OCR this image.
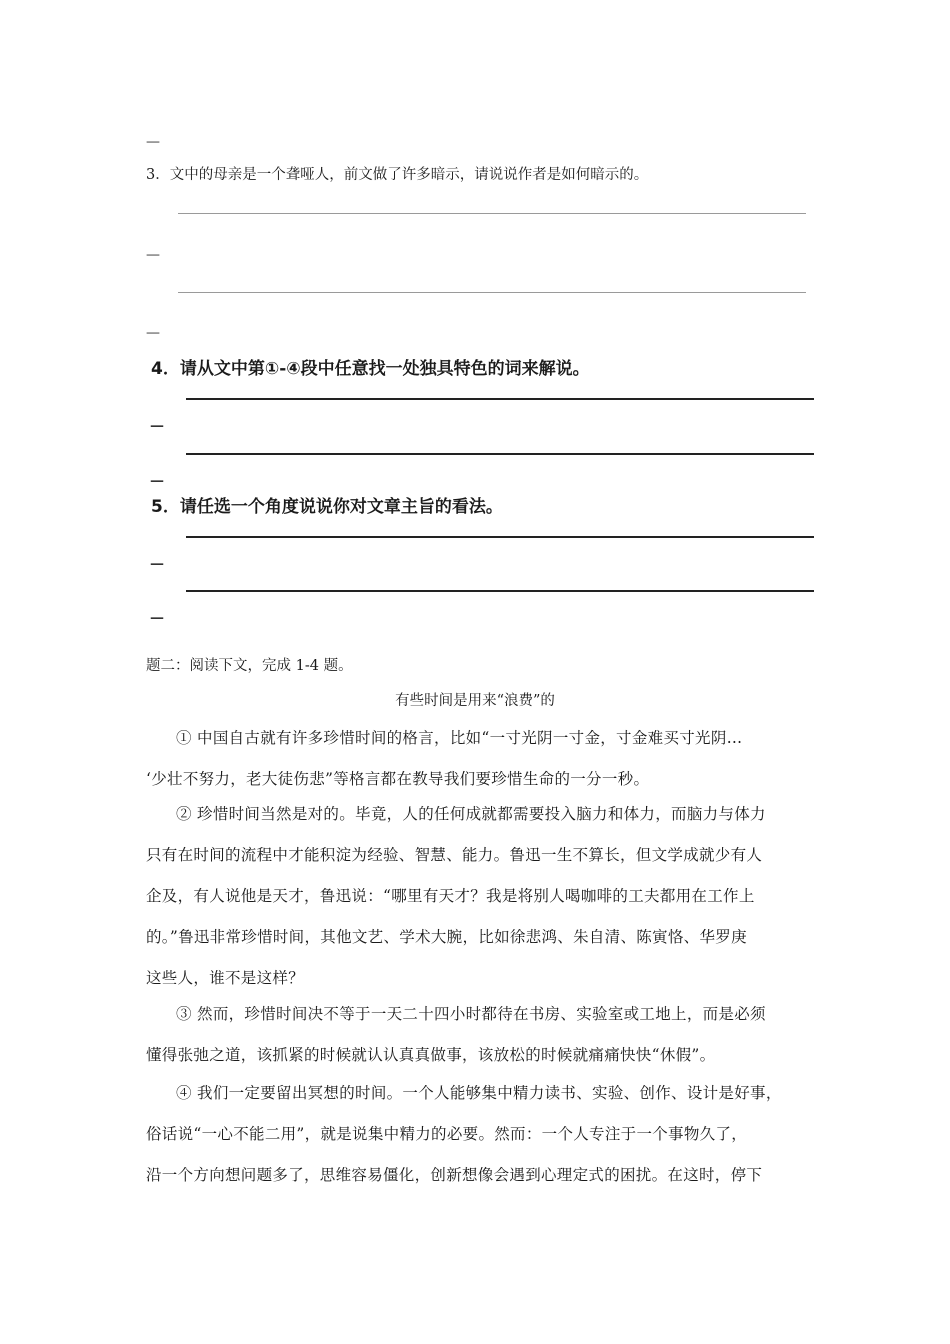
—
3．文中的母亲是一个聋哑人，前文做了许多暗示，请说说作者是如何暗示的。
—
—
4．请从文中第①-④段中任意找一处独具特色的词来解说。
—
—
5．请任选一个角度说说你对文章主旨的看法。
—
—
题二：阅读下文，完成 1-4 题。
有些时间是用来“浪费”的
① 中国自古就有许多珍惜时间的格言，比如“一寸光阴一寸金，寸金难买寸光阴…
‘少壮不努力，老大徒伤悲”等格言都在教导我们要珍惜生命的一分一秒。
② 珍惜时间当然是对的。毕竟，人的任何成就都需要投入脑力和体力，而脑力与体力
只有在时间的流程中才能积淀为经验、智慧、能力。鲁迅一生不算长，但文学成就少有人
企及，有人说他是天才，鲁迅说：“哪里有天才？我是将别人喝咖啡的工夫都用在工作上
的。”鲁迅非常珍惜时间，其他文艺、学术大腕，比如徐悲鸿、朱自清、陈寅恪、华罗庚
这些人，谁不是这样？
③ 然而，珍惜时间决不等于一天二十四小时都待在书房、实验室或工地上，而是必须
懂得张弛之道，该抓紧的时候就认认真真做事，该放松的时候就痛痛快快“休假”。
④ 我们一定要留出冥想的时间。一个人能够集中精力读书、实验、创作、设计是好事，
俗话说“一心不能二用”，就是说集中精力的必要。然而：一个人专注于一个事物久了，
沿一个方向想问题多了，思维容易僵化，创新想像会遇到心理定式的困扰。在这时，停下
